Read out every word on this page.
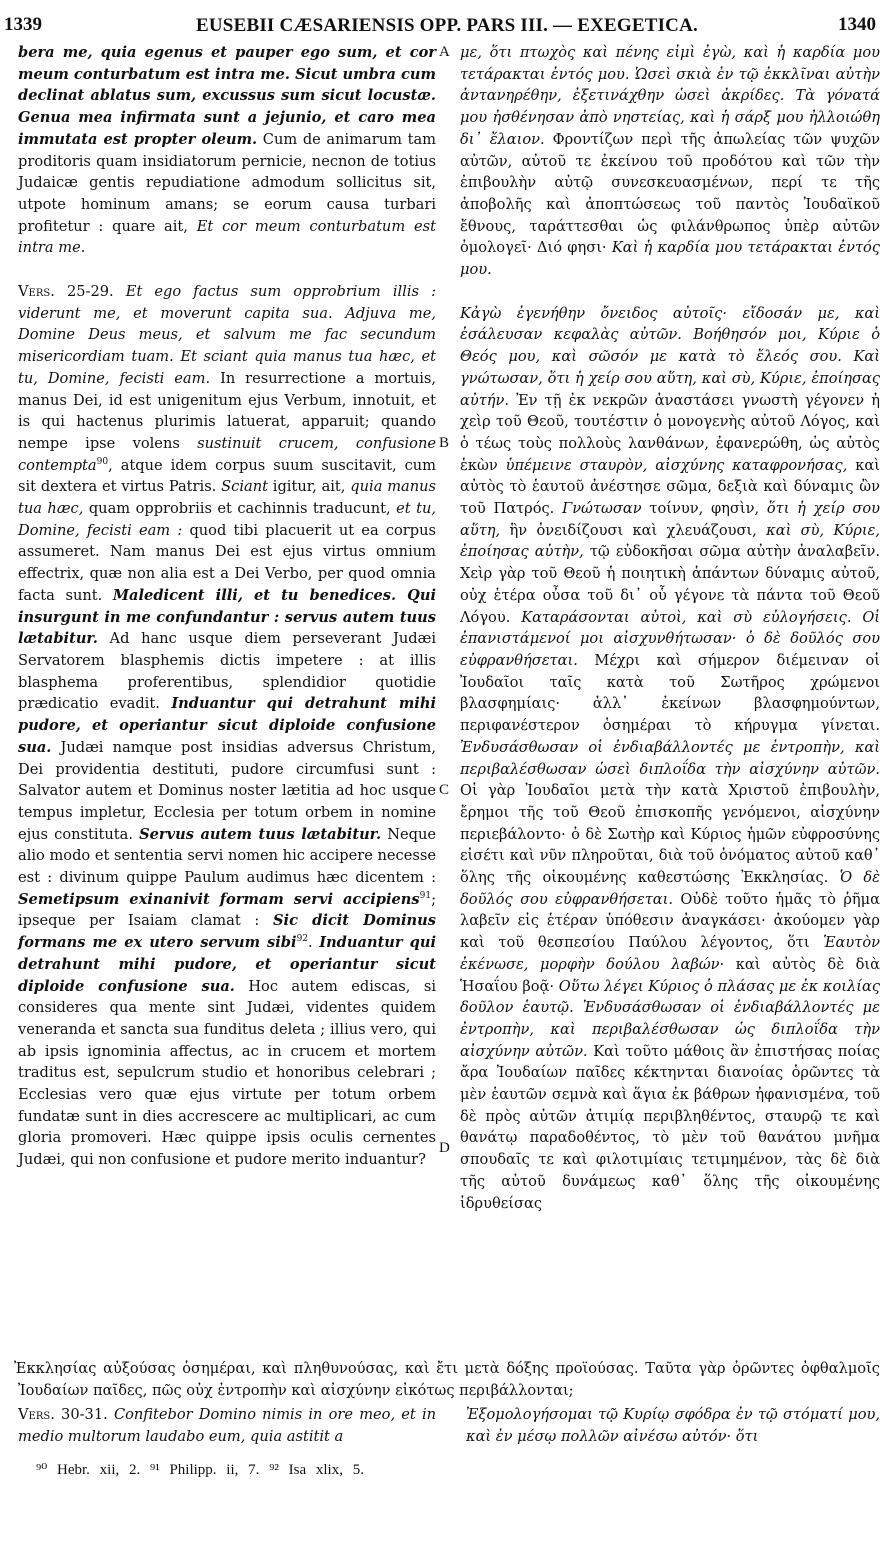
1339	EUSEBII CÆSARIENSIS OPP. PARS III. — EXEGETICA.	1340

bera me, quia egenus et pauper ego sum, et cor meum conturbatum est intra me. Sicut umbra cum declinat ablatus sum, excussus sum sicut locustæ. Genua mea infirmata sunt a jejunio, et caro mea immutata est propter oleum. Cum de animarum tam proditoris quam insidiatorum pernicie, necnon de totius Judaicæ gentis repudiatione admodum sollicitus sit, utpote hominum amans; se eorum causa turbari profitetur : quare ait, Et cor meum conturbatum est intra me.

Vers. 25-29. Et ego factus sum opprobrium illis : viderunt me, et moverunt capita sua. Adjuva me, Domine Deus meus, et salvum me fac secundum misericordiam tuam. Et sciant quia manus tua hæc, et tu, Domine, fecisti eam. In resurrectione a mortuis, manus Dei, id est unigenitum ejus Verbum, innotuit, et is qui hactenus plurimis latuerat, apparuit; quando nempe ipse volens sustinuit crucem, confusione contempta$^{90}$, atque idem corpus suum suscitavit, cum sit dextera et virtus Patris. Sciant igitur, ait, quia manus tua hæc, quam opprobriis et cachinnis traducunt, et tu, Domine, fecisti eam : quod tibi placuerit ut ea corpus assumeret. Nam manus Dei est ejus virtus omnium effectrix, quæ non alia est a Dei Verbo, per quod omnia facta sunt. Maledicent illi, et tu benedices. Qui insurgunt in me confundantur : servus autem tuus lætabitur. Ad hanc usque diem perseverant Judæi Servatorem blasphemis dictis impetere : at illis blasphema proferentibus, splendidior quotidie prædicatio evadit. Induantur qui detrahunt mihi pudore, et operiantur sicut diploide confusione sua. Judæi namque post insidias adversus Christum, Dei providentia destituti, pudore circumfusi sunt : Salvator autem et Dominus noster lætitia ad hoc usque tempus impletur, Ecclesia per totum orbem in nomine ejus constituta. Servus autem tuus lætabitur. Neque alio modo et sententia servi nomen hic accipere necesse est : divinum quippe Paulum audimus hæc dicentem : Semetipsum exinanivit formam servi accipiens$^{91}$; ipseque per Isaiam clamat : Sic dicit Dominus formans me ex utero servum sibi$^{92}$. Induantur qui detrahunt mihi pudore, et operiantur sicut diploide confusione sua. Hoc autem ediscas, si consideres qua mente sint Judæi, videntes quidem veneranda et sancta sua funditus deleta ; illius vero, qui ab ipsis ignominia affectus, ac in crucem et mortem traditus est, sepulcrum studio et honoribus celebrari ; Ecclesias vero quæ ejus virtute per totum orbem fundatæ sunt in dies accrescere ac multiplicari, ac cum gloria promoveri. Hæc quippe ipsis oculis cernentes Judæi, qui non confusione et pudore merito induantur?

A
B
C
D

με, ὅτι πτωχὸς καὶ πένης εἰμὶ ἐγὼ, καὶ ἡ καρδία μου τετάρακται ἐντός μου. Ὡσεὶ σκιὰ ἐν τῷ ἐκκλῖναι αὐτὴν ἀντανηρέθην, ἐξετινάχθην ὡσεὶ ἀκρίδες. Τὰ γόνατά μου ἠσθένησαν ἀπὸ νηστείας, καὶ ἡ σάρξ μου ἠλλοιώθη δι᾽ ἔλαιον. Φροντίζων περὶ τῆς ἀπωλείας τῶν ψυχῶν αὐτῶν, αὐτοῦ τε ἐκείνου τοῦ προδότου καὶ τῶν τὴν ἐπιβουλὴν αὐτῷ συνεσκευασμένων, περί τε τῆς ἀποβολῆς καὶ ἀποπτώσεως τοῦ παντὸς Ἰουδαϊκοῦ ἔθνους, ταράττεσθαι ὡς φιλάνθρωπος ὑπὲρ αὐτῶν ὁμολογεῖ· Διό φησι· Καὶ ἡ καρδία μου τετάρακται ἐντός μου.

Κἀγὼ ἐγενήθην ὄνειδος αὐτοῖς· εἴδοσάν με, καὶ ἐσάλευσαν κεφαλὰς αὐτῶν. Βοήθησόν μοι, Κύριε ὁ Θεός μου, καὶ σῶσόν με κατὰ τὸ ἔλεός σου. Καὶ γνώτωσαν, ὅτι ἡ χείρ σου αὕτη, καὶ σὺ, Κύριε, ἐποίησας αὐτήν. Ἐν τῇ ἐκ νεκρῶν ἀναστάσει γνωστὴ γέγονεν ἡ χεὶρ τοῦ Θεοῦ, τουτέστιν ὁ μονογενὴς αὐτοῦ Λόγος, καὶ ὁ τέως τοὺς πολλοὺς λανθάνων, ἐφανερώθη, ὡς αὐτὸς ἑκὼν ὑπέμεινε σταυρὸν, αἰσχύνης καταφρονήσας, καὶ αὐτὸς τὸ ἑαυτοῦ ἀνέστησε σῶμα, δεξιὰ καὶ δύναμις ὢν τοῦ Πατρός. Γνώτωσαν τοίνυν, φησὶν, ὅτι ἡ χείρ σου αὕτη, ἣν ὀνειδίζουσι καὶ χλευάζουσι, καὶ σὺ, Κύριε, ἐποίησας αὐτὴν, τῷ εὐδοκῆσαι σῶμα αὐτὴν ἀναλαβεῖν. Χεὶρ γὰρ τοῦ Θεοῦ ἡ ποιητικὴ ἁπάντων δύναμις αὐτοῦ, οὐχ ἑτέρα οὖσα τοῦ δι᾽ οὗ γέγονε τὰ πάντα τοῦ Θεοῦ Λόγου. Καταράσονται αὐτοὶ, καὶ σὺ εὐλογήσεις. Οἱ ἐπανιστάμενοί μοι αἰσχυνθήτωσαν· ὁ δὲ δοῦλός σου εὐφρανθήσεται. Μέχρι καὶ σήμερον διέμειναν οἱ Ἰουδαῖοι ταῖς κατὰ τοῦ Σωτῆρος χρώμενοι βλασφημίαις· ἀλλ᾽ ἐκείνων βλασφημούντων, περιφανέστερον ὁσημέραι τὸ κήρυγμα γίνεται. Ἐνδυσάσθωσαν οἱ ἐνδιαβάλλοντές με ἐντροπὴν, καὶ περιβαλέσθωσαν ὡσεὶ διπλοΐδα τὴν αἰσχύνην αὐτῶν. Οἱ γὰρ Ἰουδαῖοι μετὰ τὴν κατὰ Χριστοῦ ἐπιβουλὴν, ἔρημοι τῆς τοῦ Θεοῦ ἐπισκοπῆς γενόμενοι, αἰσχύνην περιεβάλοντο· ὁ δὲ Σωτὴρ καὶ Κύριος ἡμῶν εὐφροσύνης εἰσέτι καὶ νῦν πληροῦται, διὰ τοῦ ὀνόματος αὐτοῦ καθ᾽ ὅλης τῆς οἰκουμένης καθεστώσης Ἐκκλησίας. Ὁ δὲ δοῦλός σου εὐφρανθήσεται. Οὐδὲ τοῦτο ἡμᾶς τὸ ῥῆμα λαβεῖν εἰς ἑτέραν ὑπόθεσιν ἀναγκάσει· ἀκούομεν γὰρ καὶ τοῦ θεσπεσίου Παύλου λέγοντος, ὅτι Ἑαυτὸν ἐκένωσε, μορφὴν δούλου λαβών· καὶ αὐτὸς δὲ διὰ Ἡσαΐου βοᾷ· Οὕτω λέγει Κύριος ὁ πλάσας με ἐκ κοιλίας δοῦλον ἑαυτῷ. Ἐνδυσάσθωσαν οἱ ἐνδιαβάλλοντές με ἐντροπὴν, καὶ περιβαλέσθωσαν ὡς διπλοΐδα τὴν αἰσχύνην αὐτῶν. Καὶ τοῦτο μάθοις ἂν ἐπιστήσας ποίας ἄρα Ἰουδαίων παῖδες κέκτηνται διανοίας ὁρῶντες τὰ μὲν ἑαυτῶν σεμνὰ καὶ ἅγια ἐκ βάθρων ἠφανισμένα, τοῦ δὲ πρὸς αὐτῶν ἀτιμίᾳ περιβληθέντος, σταυρῷ τε καὶ θανάτῳ παραδοθέντος, τὸ μὲν τοῦ θανάτου μνῆμα σπουδαῖς τε καὶ φιλοτιμίαις τετιμημένον, τὰς δὲ διὰ τῆς αὐτοῦ δυνάμεως καθ᾽ ὅλης τῆς οἰκουμένης ἱδρυθείσας

Ἐκκλησίας αὐξούσας ὁσημέραι, καὶ πληθυνούσας, καὶ ἔτι μετὰ δόξης προϊούσας. Ταῦτα γὰρ ὁρῶντες ὀφθαλμοῖς Ἰουδαίων παῖδες, πῶς οὐχ ἐντροπὴν καὶ αἰσχύνην εἰκότως περιβάλλονται;

Vers. 30-31. Confitebor Domino nimis in ore meo, et in medio multorum laudabo eum, quia astitit a
Ἐξομολογήσομαι τῷ Κυρίῳ σφόδρα ἐν τῷ στόματί μου, καὶ ἐν μέσῳ πολλῶν αἰνέσω αὐτόν· ὅτι
⁹⁰ Hebr. xii, 2. ⁹¹ Philipp. ii, 7. ⁹² Isa xlix, 5.
